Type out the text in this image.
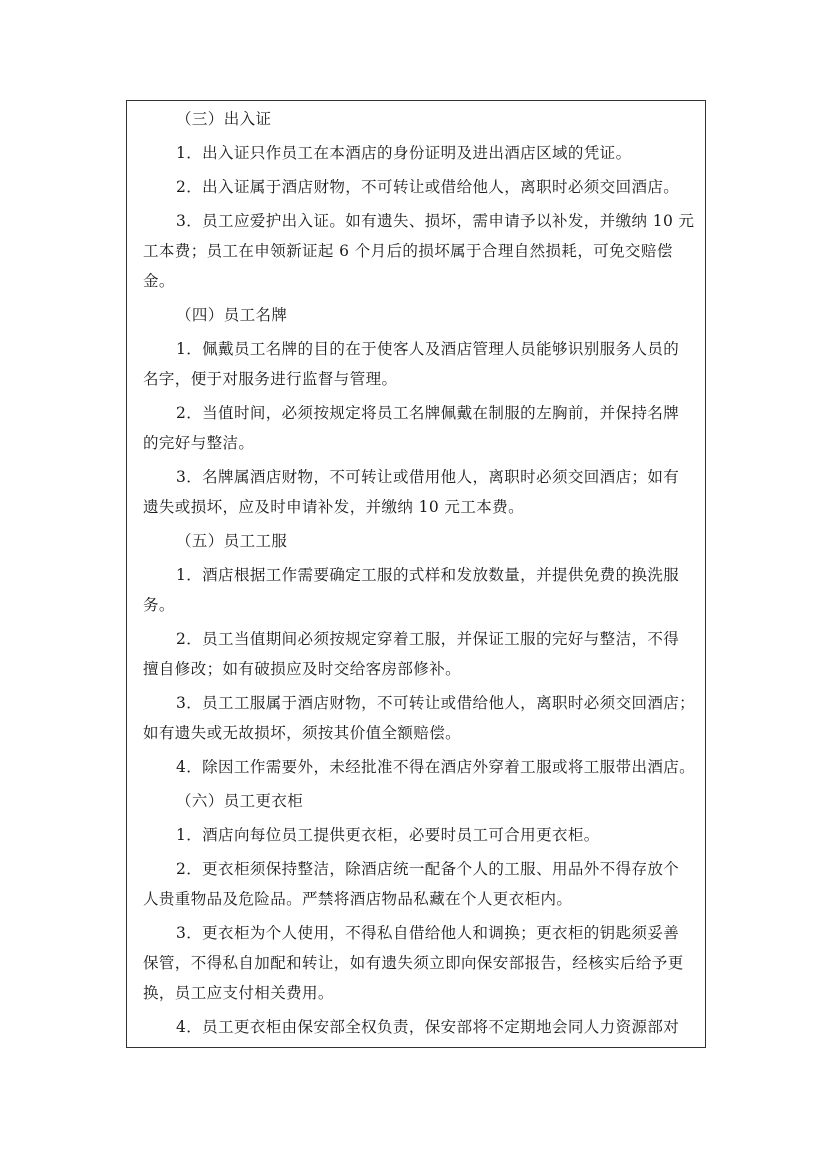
（三）出入证
1．出入证只作员工在本酒店的身份证明及进出酒店区域的凭证。
2．出入证属于酒店财物，不可转让或借给他人，离职时必须交回酒店。
3．员工应爱护出入证。如有遗失、损坏，需申请予以补发，并缴纳 10 元
工本费；员工在申领新证起 6 个月后的损坏属于合理自然损耗，可免交赔偿
金。
（四）员工名牌
1．佩戴员工名牌的目的在于使客人及酒店管理人员能够识别服务人员的
名字，便于对服务进行监督与管理。
2．当值时间，必须按规定将员工名牌佩戴在制服的左胸前，并保持名牌
的完好与整洁。
3．名牌属酒店财物，不可转让或借用他人，离职时必须交回酒店；如有
遗失或损坏，应及时申请补发，并缴纳 10 元工本费。
（五）员工工服
1．酒店根据工作需要确定工服的式样和发放数量，并提供免费的换洗服
务。
2．员工当值期间必须按规定穿着工服，并保证工服的完好与整洁，不得
擅自修改；如有破损应及时交给客房部修补。
3．员工工服属于酒店财物，不可转让或借给他人，离职时必须交回酒店；
如有遗失或无故损坏，须按其价值全额赔偿。
4．除因工作需要外，未经批准不得在酒店外穿着工服或将工服带出酒店。
（六）员工更衣柜
1．酒店向每位员工提供更衣柜，必要时员工可合用更衣柜。
2．更衣柜须保持整洁，除酒店统一配备个人的工服、用品外不得存放个
人贵重物品及危险品。严禁将酒店物品私藏在个人更衣柜内。
3．更衣柜为个人使用，不得私自借给他人和调换；更衣柜的钥匙须妥善
保管，不得私自加配和转让，如有遗失须立即向保安部报告，经核实后给予更
换，员工应支付相关费用。
4．员工更衣柜由保安部全权负责，保安部将不定期地会同人力资源部对
